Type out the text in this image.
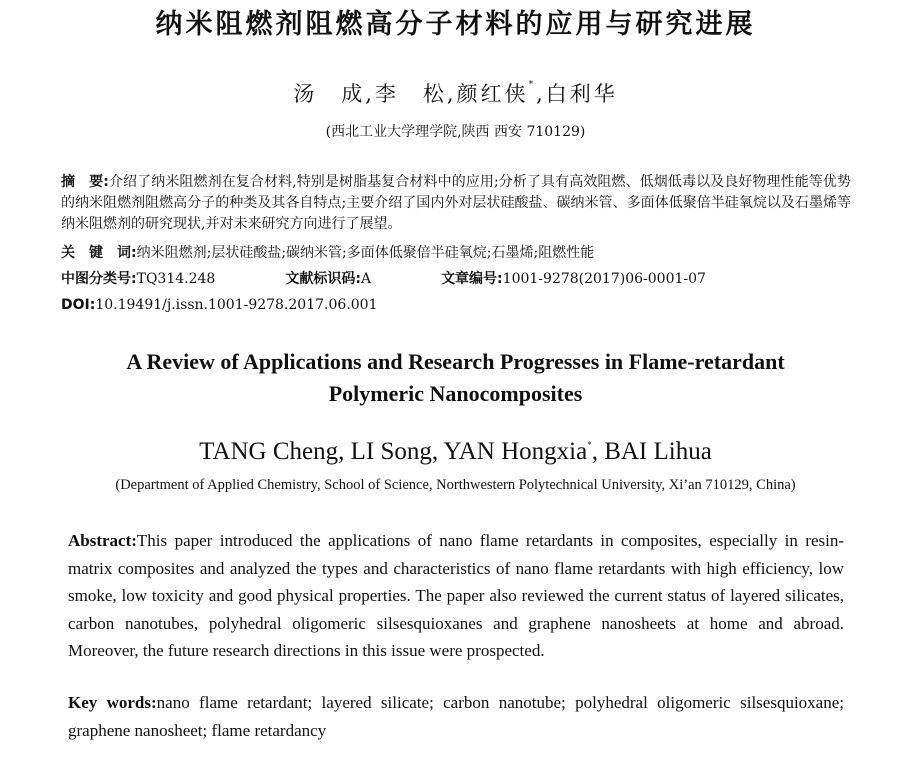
纳米阻燃剂阻燃高分子材料的应用与研究进展
汤　成,李　松,颜红侠*,白利华
(西北工业大学理学院,陕西 西安 710129)
摘　要:介绍了纳米阻燃剂在复合材料,特别是树脂基复合材料中的应用;分析了具有高效阻燃、低烟低毒以及良好物理性能等优势的纳米阻燃剂阻燃高分子的种类及其各自特点;主要介绍了国内外对层状硅酸盐、碳纳米管、多面体低聚倍半硅氧烷以及石墨烯等纳米阻燃剂的研究现状,并对未来研究方向进行了展望。
关　键　词:纳米阻燃剂;层状硅酸盐;碳纳米管;多面体低聚倍半硅氧烷;石墨烯;阻燃性能
中图分类号:TQ314.248	文献标识码:A	文章编号:1001-9278(2017)06-0001-07
DOI:10.19491/j.issn.1001-9278.2017.06.001
A Review of Applications and Research Progresses in Flame-retardant
Polymeric Nanocomposites
TANG Cheng, LI Song, YAN Hongxia*, BAI Lihua
(Department of Applied Chemistry, School of Science, Northwestern Polytechnical University, Xi’an 710129, China)
Abstract:This paper introduced the applications of nano flame retardants in composites, especially in resin-matrix composites and analyzed the types and characteristics of nano flame retardants with high efficiency, low smoke, low toxicity and good physical properties. The paper also reviewed the current status of layered silicates, carbon nanotubes, polyhedral oligomeric silsesquioxanes and graphene nanosheets at home and abroad. Moreover, the future research directions in this issue were prospected.
Key words:nano flame retardant; layered silicate; carbon nanotube; polyhedral oligomeric silsesquioxane; graphene nanosheet; flame retardancy
